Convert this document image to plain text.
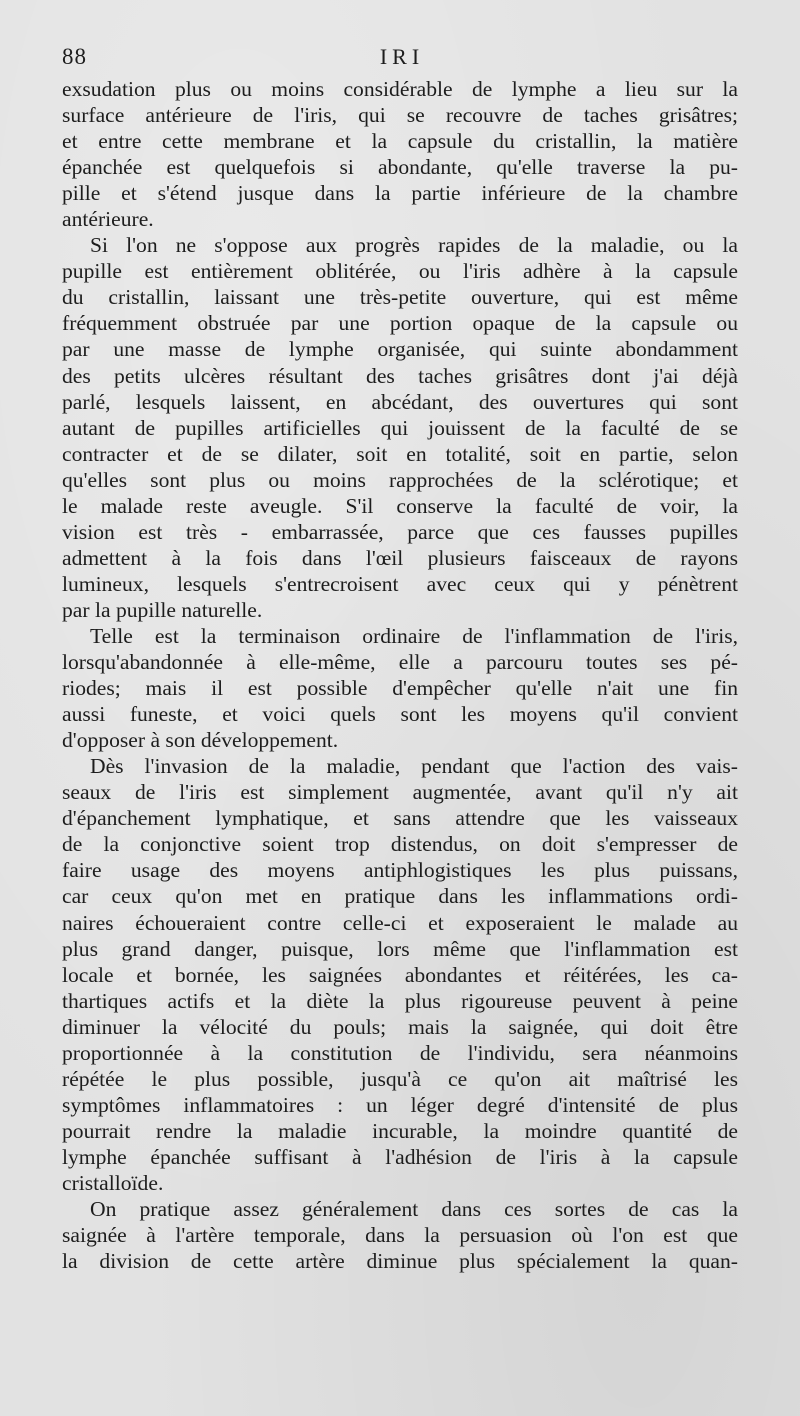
88	IRI
exsudation plus ou moins considérable de lymphe a lieu sur la
surface antérieure de l'iris, qui se recouvre de taches grisâtres;
et entre cette membrane et la capsule du cristallin, la matière
épanchée est quelquefois si abondante, qu'elle traverse la pu-
pille et s'étend jusque dans la partie inférieure de la chambre
antérieure.
Si l'on ne s'oppose aux progrès rapides de la maladie, ou la
pupille est entièrement oblitérée, ou l'iris adhère à la capsule
du cristallin, laissant une très-petite ouverture, qui est même
fréquemment obstruée par une portion opaque de la capsule ou
par une masse de lymphe organisée, qui suinte abondamment
des petits ulcères résultant des taches grisâtres dont j'ai déjà
parlé, lesquels laissent, en abcédant, des ouvertures qui sont
autant de pupilles artificielles qui jouissent de la faculté de se
contracter et de se dilater, soit en totalité, soit en partie, selon
qu'elles sont plus ou moins rapprochées de la sclérotique; et
le malade reste aveugle. S'il conserve la faculté de voir, la
vision est très - embarrassée, parce que ces fausses pupilles
admettent à la fois dans l'œil plusieurs faisceaux de rayons
lumineux, lesquels s'entrecroisent avec ceux qui y pénètrent
par la pupille naturelle.
Telle est la terminaison ordinaire de l'inflammation de l'iris,
lorsqu'abandonnée à elle-même, elle a parcouru toutes ses pé-
riodes; mais il est possible d'empêcher qu'elle n'ait une fin
aussi funeste, et voici quels sont les moyens qu'il convient
d'opposer à son développement.
Dès l'invasion de la maladie, pendant que l'action des vais-
seaux de l'iris est simplement augmentée, avant qu'il n'y ait
d'épanchement lymphatique, et sans attendre que les vaisseaux
de la conjonctive soient trop distendus, on doit s'empresser de
faire usage des moyens antiphlogistiques les plus puissans,
car ceux qu'on met en pratique dans les inflammations ordi-
naires échoueraient contre celle-ci et exposeraient le malade au
plus grand danger, puisque, lors même que l'inflammation est
locale et bornée, les saignées abondantes et réitérées, les ca-
thartiques actifs et la diète la plus rigoureuse peuvent à peine
diminuer la vélocité du pouls; mais la saignée, qui doit être
proportionnée à la constitution de l'individu, sera néanmoins
répétée le plus possible, jusqu'à ce qu'on ait maîtrisé les
symptômes inflammatoires : un léger degré d'intensité de plus
pourrait rendre la maladie incurable, la moindre quantité de
lymphe épanchée suffisant à l'adhésion de l'iris à la capsule
cristalloïde.
On pratique assez généralement dans ces sortes de cas la
saignée à l'artère temporale, dans la persuasion où l'on est que
la division de cette artère diminue plus spécialement la quan-
